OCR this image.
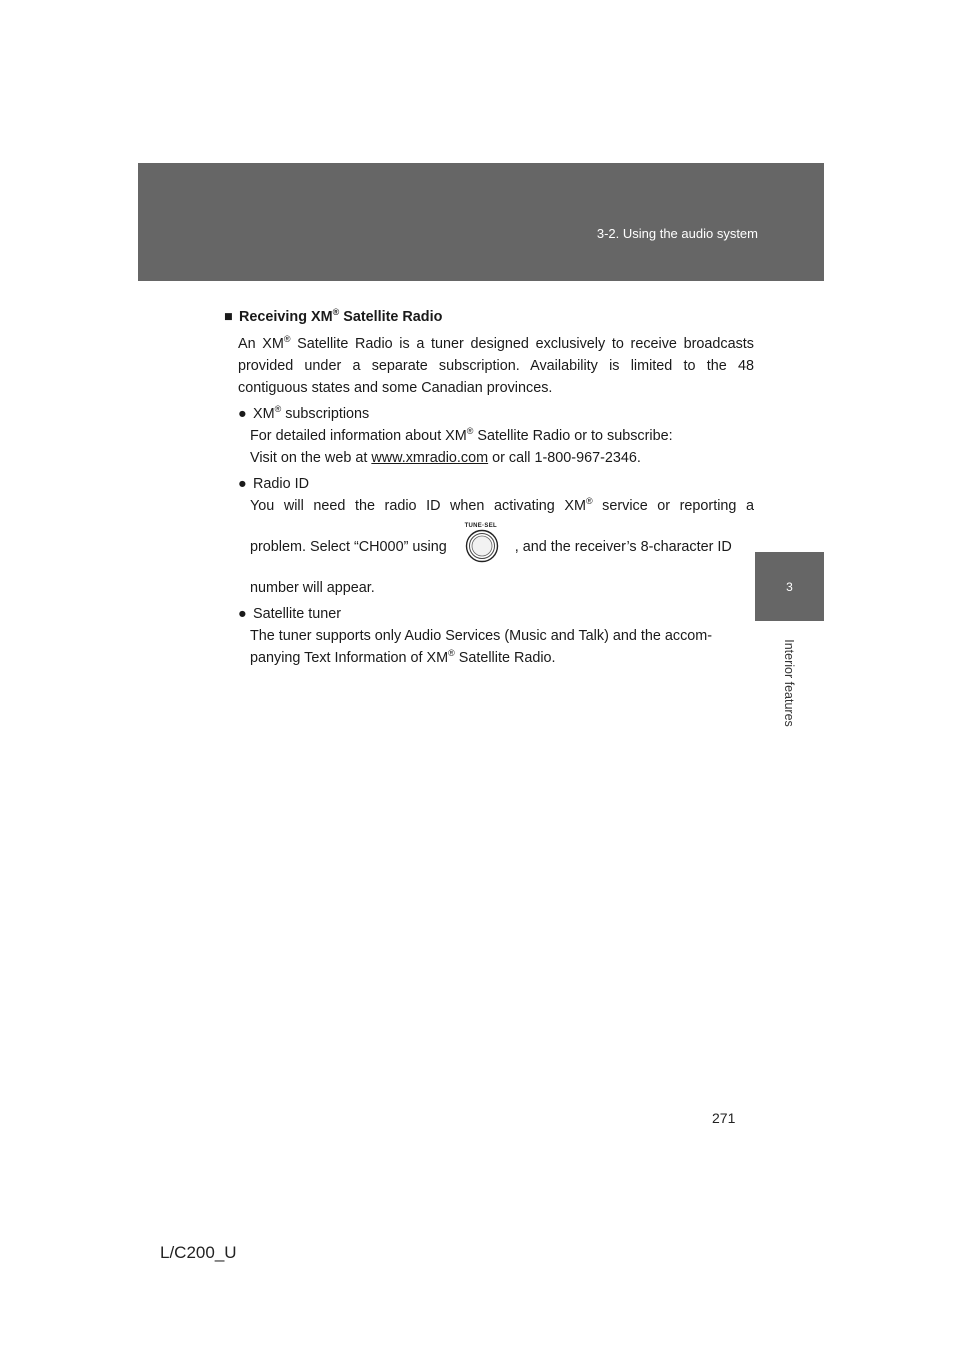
3-2. Using the audio system
3
Interior features
■ Receiving XM® Satellite Radio
An XM® Satellite Radio is a tuner designed exclusively to receive broadcasts provided under a separate subscription. Availability is limited to the 48 contiguous states and some Canadian provinces.
● XM® subscriptions
For detailed information about XM® Satellite Radio or to subscribe:
Visit on the web at www.xmradio.com or call 1-800-967-2346.
● Radio ID
You will need the radio ID when activating XM® service or reporting a
problem. Select “CH000” using
TUNE·SEL
, and the receiver’s 8-character ID
number will appear.
● Satellite tuner
The tuner supports only Audio Services (Music and Talk) and the accom-
panying Text Information of XM® Satellite Radio.
271
L/C200_U
